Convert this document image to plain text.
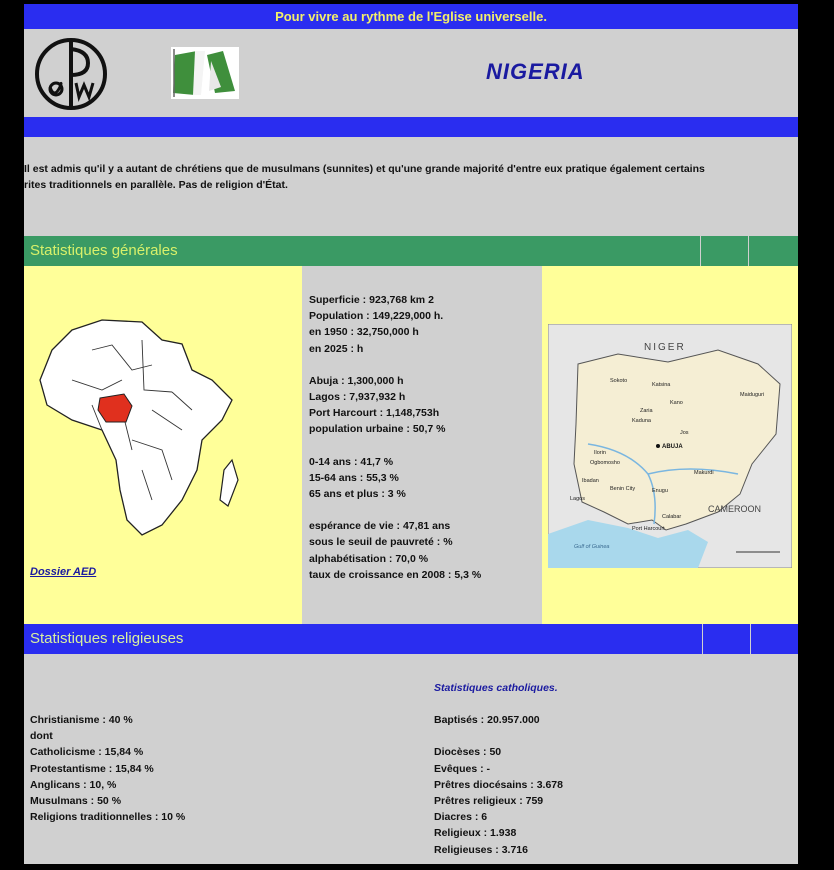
Pour vivre au rythme de l'Eglise universelle.
NIGERIA
Il est admis qu'il y a autant de chrétiens que de musulmans (sunnites) et qu'une grande majorité d'entre eux pratique également certains
rites traditionnels en parallèle. Pas de religion d'État.
Statistiques générales
Dossier AED
Superficie : 923,768 km 2
Population : 149,229,000 h.
en 1950 : 32,750,000 h
en 2025 : h
Abuja : 1,300,000 h
Lagos : 7,937,932 h
Port Harcourt : 1,148,753h
population urbaine : 50,7 %
0-14 ans : 41,7 %
15-64 ans : 55,3 %
65 ans et plus : 3 %
espérance de vie : 47,81 ans
sous le seuil de pauvreté : %
alphabétisation : 70,0 %
taux de croissance en 2008 : 5,3 %
NIGER
CAMEROON
ABUJA
Sokoto
Katsina
Kano
Maiduguri
Zaria
Kaduna
Jos
Ilorin
Ogbomosho
Ibadan
Lagos
Benin City	Enugu
Makurdi
Calabar
Port Harcourt
Gulf of Guinea
Statistiques religieuses
Christianisme : 40 %
dont
Catholicisme : 15,84 %
Protestantisme : 15,84 %
Anglicans : 10, %
Musulmans : 50 %
Religions traditionnelles : 10 %
Statistiques catholiques.
Baptisés : 20.957.000
Diocèses : 50
Evêques : -
Prêtres diocésains : 3.678
Prêtres religieux : 759
Diacres : 6
Religieux : 1.938
Religieuses : 3.716
